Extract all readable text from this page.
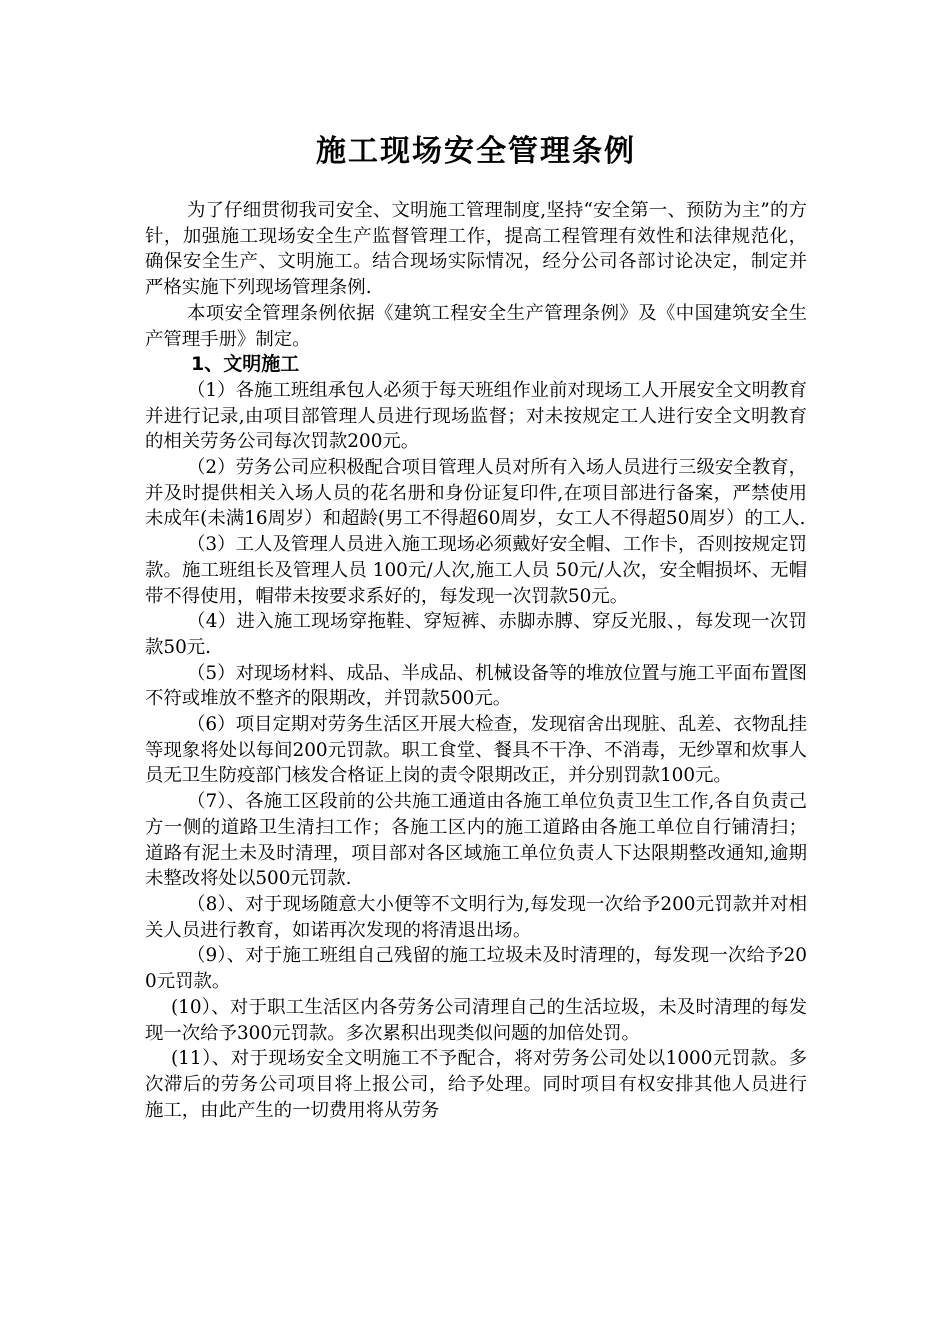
施工现场安全管理条例

为了仔细贯彻我司安全、文明施工管理制度,坚持“安全第一、预防为主”的方针，加强施工现场安全生产监督管理工作，提高工程管理有效性和法律规范化，确保安全生产、文明施工。结合现场实际情况，经分公司各部讨论决定，制定并严格实施下列现场管理条例.

本项安全管理条例依据《建筑工程安全生产管理条例》及《中国建筑安全生产管理手册》制定。

1、文明施工

（1）各施工班组承包人必须于每天班组作业前对现场工人开展安全文明教育并进行记录,由项目部管理人员进行现场监督；对未按规定工人进行安全文明教育的相关劳务公司每次罚款200元。

（2）劳务公司应积极配合项目管理人员对所有入场人员进行三级安全教育，并及时提供相关入场人员的花名册和身份证复印件,在项目部进行备案，严禁使用未成年(未满16周岁）和超龄(男工不得超60周岁，女工人不得超50周岁）的工人.

（3）工人及管理人员进入施工现场必须戴好安全帽、工作卡，否则按规定罚款。施工班组长及管理人员 100元/人次,施工人员 50元/人次，安全帽损坏、无帽带不得使用，帽带未按要求系好的，每发现一次罚款50元。

（4）进入施工现场穿拖鞋、穿短裤、赤脚赤膊、穿反光服、，每发现一次罚款50元.

（5）对现场材料、成品、半成品、机械设备等的堆放位置与施工平面布置图不符或堆放不整齐的限期改，并罚款500元。

（6）项目定期对劳务生活区开展大检查，发现宿舍出现脏、乱差、衣物乱挂等现象将处以每间200元罚款。职工食堂、餐具不干净、不消毒，无纱罩和炊事人员无卫生防疫部门核发合格证上岗的责令限期改正，并分别罚款100元。

（7）、各施工区段前的公共施工通道由各施工单位负责卫生工作,各自负责己方一侧的道路卫生清扫工作；各施工区内的施工道路由各施工单位自行铺清扫；道路有泥土未及时清理，项目部对各区域施工单位负责人下达限期整改通知,逾期未整改将处以500元罚款.

（8）、对于现场随意大小便等不文明行为,每发现一次给予200元罚款并对相关人员进行教育，如诺再次发现的将清退出场。

（9）、对于施工班组自己残留的施工垃圾未及时清理的，每发现一次给予200元罚款。

(10）、对于职工生活区内各劳务公司清理自己的生活垃圾，未及时清理的每发现一次给予300元罚款。多次累积出现类似问题的加倍处罚。

(11）、对于现场安全文明施工不予配合，将对劳务公司处以1000元罚款。多次滞后的劳务公司项目将上报公司，给予处理。同时项目有权安排其他人员进行施工，由此产生的一切费用将从劳务
